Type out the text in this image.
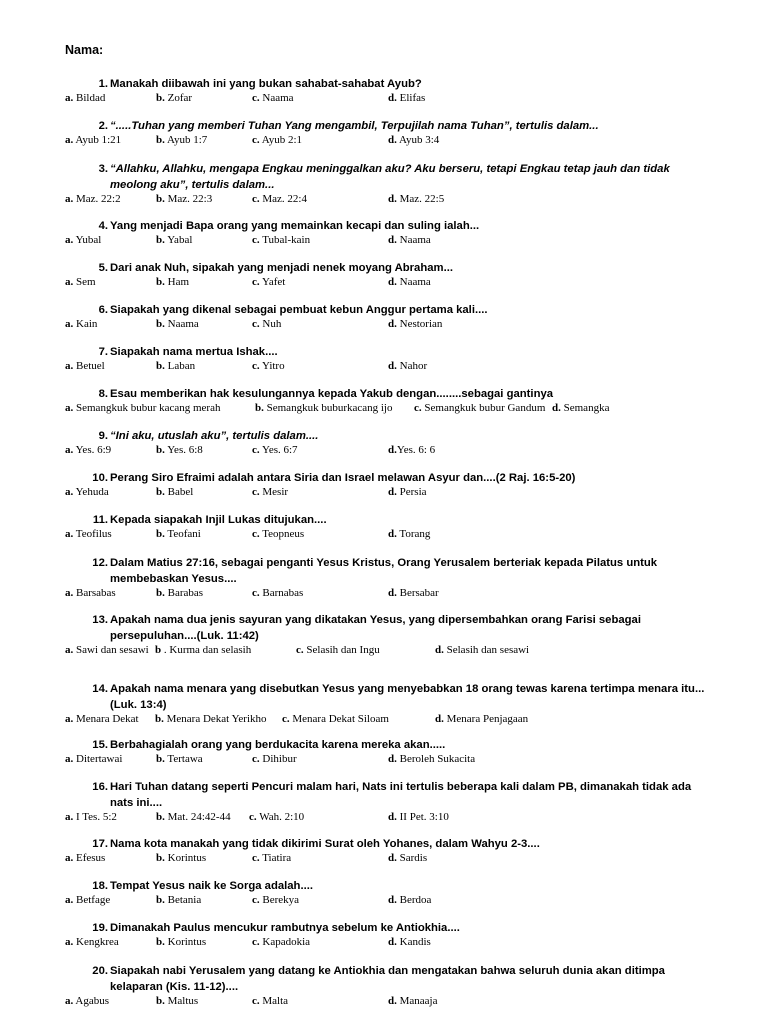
Nama:
1. Manakah diibawah ini yang bukan sahabat-sahabat Ayub?
a. Bildad	b. Zofar	c. Naama	d. Elifas
2. “.....Tuhan yang memberi Tuhan Yang mengambil, Terpujilah nama Tuhan”, tertulis dalam...
a. Ayub 1:21	b. Ayub 1:7	c. Ayub 2:1	d. Ayub 3:4
3. “Allahku, Allahku, mengapa Engkau meninggalkan aku? Aku berseru, tetapi Engkau tetap jauh dan tidak
meolong aku”, tertulis dalam...
a. Maz. 22:2	b. Maz. 22:3	c. Maz. 22:4	d. Maz. 22:5
4. Yang menjadi Bapa orang yang memainkan kecapi dan suling ialah...
a. Yubal	b. Yabal	c. Tubal-kain	d. Naama
5. Dari anak Nuh, sipakah yang menjadi nenek moyang Abraham...
a. Sem	b. Ham	c. Yafet	d. Naama
6. Siapakah yang dikenal sebagai pembuat kebun Anggur pertama kali....
a. Kain	b. Naama	c. Nuh	d. Nestorian
7. Siapakah nama mertua Ishak....
a. Betuel	b. Laban	c. Yitro	d. Nahor
8. Esau memberikan hak kesulungannya kepada Yakub dengan........sebagai gantinya
a. Semangkuk bubur kacang merah	b. Semangkuk buburkacang ijo c. Semangkuk bubur Gandum d. Semangka
9. “Ini aku, utuslah aku”, tertulis dalam....
a. Yes. 6:9	b. Yes. 6:8	c. Yes. 6:7	d.Yes. 6: 6
10. Perang Siro Efraimi adalah antara Siria dan Israel melawan Asyur dan....(2 Raj. 16:5-20)
a. Yehuda	b. Babel	c. Mesir	d. Persia
11. Kepada siapakah Injil Lukas ditujukan....
a. Teofilus	b. Teofani	c. Teopneus	d. Torang
12. Dalam Matius 27:16, sebagai penganti Yesus Kristus, Orang Yerusalem berteriak kepada Pilatus untuk
membebaskan Yesus....
a. Barsabas	b. Barabas	c. Barnabas	d. Bersabar
13. Apakah nama dua jenis sayuran yang dikatakan Yesus, yang dipersembahkan orang Farisi sebagai
persepuluhan....(Luk. 11:42)
a. Sawi dan sesawi b . Kurma dan selasih	c. Selasih dan Ingu	d. Selasih dan sesawi
14. Apakah nama menara yang disebutkan Yesus yang menyebabkan 18 orang tewas karena tertimpa menara itu...
(Luk. 13:4)
a. Menara Dekat b. Menara Dekat Yerikho c. Menara Dekat Siloam	d. Menara Penjagaan
15. Berbahagialah orang yang berdukacita karena mereka akan.....
a. Ditertawai	b. Tertawa	c. Dihibur	d. Beroleh Sukacita
16. Hari Tuhan datang seperti Pencuri malam hari, Nats ini tertulis beberapa kali dalam PB, dimanakah tidak ada
nats ini....
a. I Tes. 5:2	b. Mat. 24:42-44 c. Wah. 2:10	d. II Pet. 3:10
17. Nama kota manakah yang tidak dikirimi Surat oleh Yohanes, dalam Wahyu 2-3....
a. Efesus	b. Korintus	c. Tiatira	d. Sardis
18. Tempat Yesus naik ke Sorga adalah....
a. Betfage	b. Betania	c. Berekya	d. Berdoa
19. Dimanakah Paulus mencukur rambutnya sebelum ke Antiokhia....
a. Kengkrea	b. Korintus	c. Kapadokia	d. Kandis
20. Siapakah nabi Yerusalem yang datang ke Antiokhia dan mengatakan bahwa seluruh dunia akan ditimpa
kelaparan (Kis. 11-12)....
a. Agabus	b. Maltus	c. Malta	d. Manaaja
